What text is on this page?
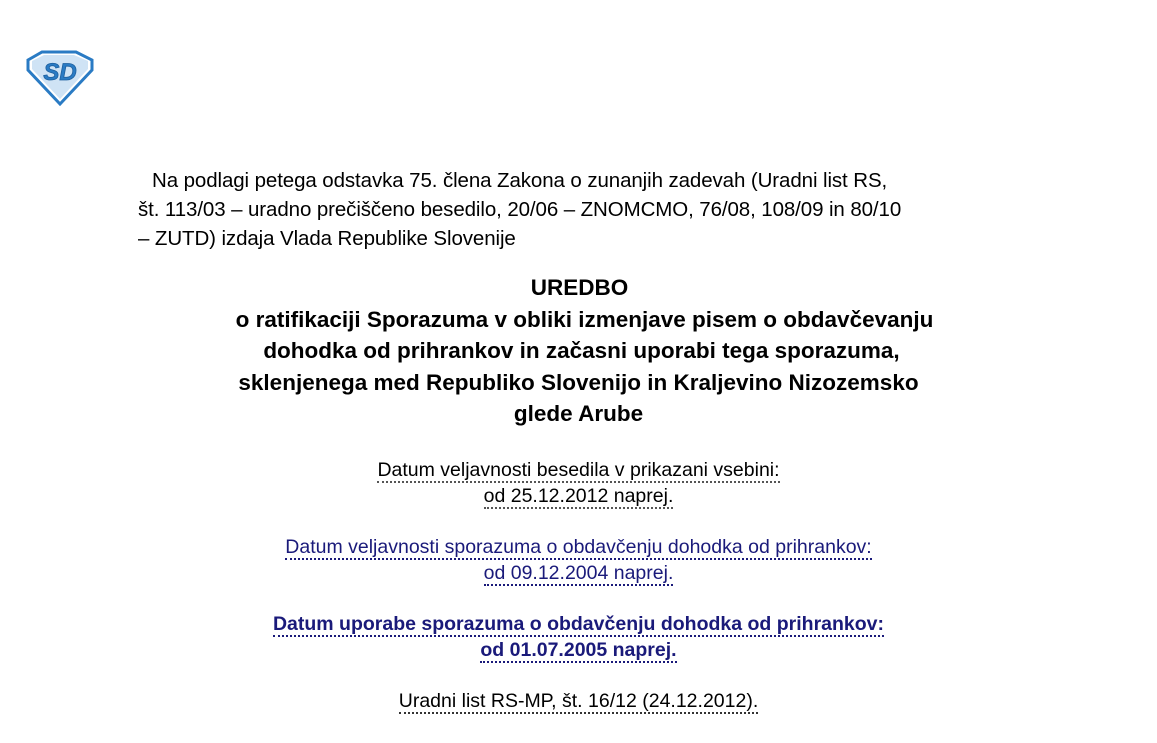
SD
Na podlagi petega odstavka 75. člena Zakona o zunanjih zadevah (Uradni list RS,
št. 113/03 – uradno prečiščeno besedilo, 20/06 – ZNOMCMO, 76/08, 108/09 in 80/10
– ZUTD) izdaja Vlada Republike Slovenije
UREDBO
o ratifikaciji Sporazuma v obliki izmenjave pisem o obdavčevanju
dohodka od prihrankov in začasni uporabi tega sporazuma,
sklenjenega med Republiko Slovenijo in Kraljevino Nizozemsko
glede Arube
Datum veljavnosti besedila v prikazani vsebini:
od 25.12.2012 naprej.
Datum veljavnosti sporazuma o obdavčenju dohodka od prihrankov:
od 09.12.2004 naprej.
Datum uporabe sporazuma o obdavčenju dohodka od prihrankov:
od 01.07.2005 naprej.
Uradni list RS-MP, št. 16/12 (24.12.2012).
